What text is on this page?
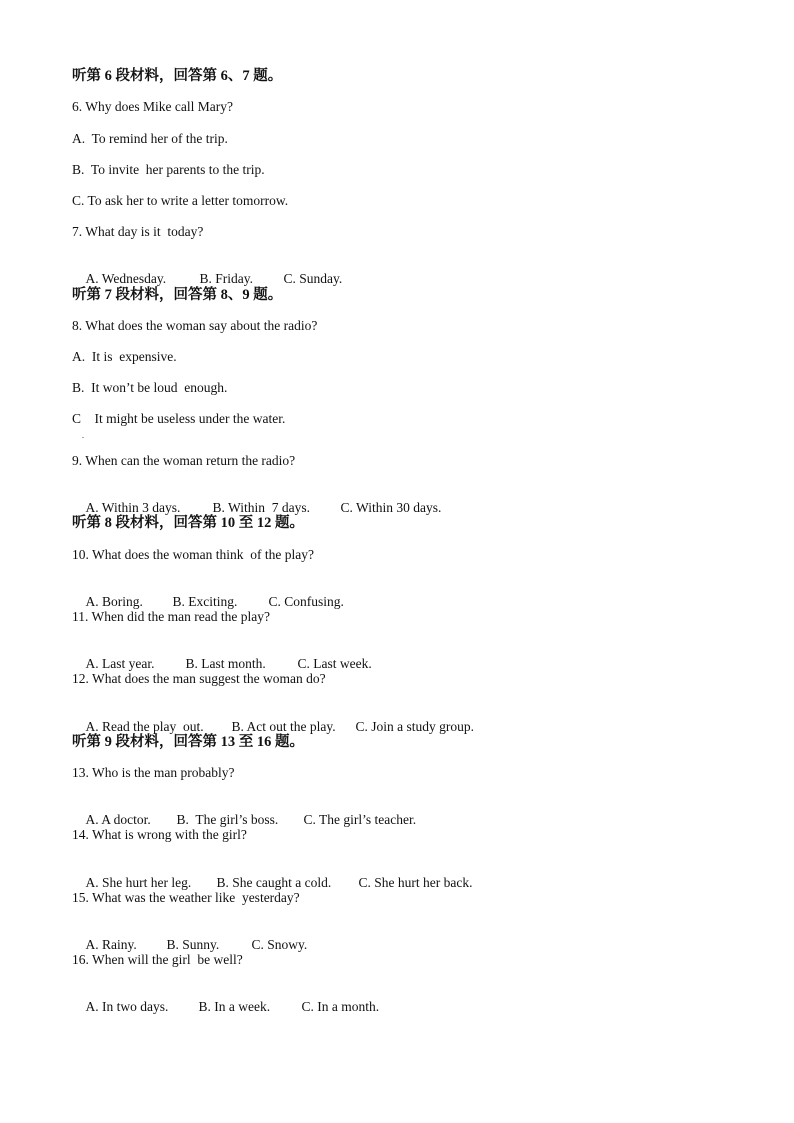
听第 6 段材料，回答第 6、7 题。
6. Why does Mike call Mary?
A.  To remind her of the trip.
B.  To invite  her parents to the trip.
C. To ask her to write a letter tomorrow.
7. What day is it  today?

A. Wednesday. B. Friday. C. Sunday.

听第 7 段材料，回答第 8、9 题。
8. What does the woman say about the radio?
A.  It is  expensive.
B.  It won’t be loud  enough.
C    It might be useless under the water.
.
9. When can the woman return the radio?

A. Within 3 days. B. Within  7 days. C. Within 30 days.

听第 8 段材料，回答第 10 至 12 题。
10. What does the woman think  of the play?

A. Boring. B. Exciting. C. Confusing.

11. When did the man read the play?

A. Last year. B. Last month. C. Last week.

12. What does the man suggest the woman do?

A. Read the play  out. B. Act out the play. C. Join a study group.

听第 9 段材料，回答第 13 至 16 题。
13. Who is the man probably?

A. A doctor. B.  The girl’s boss. C. The girl’s teacher.

14. What is wrong with the girl?

A. She hurt her leg. B. She caught a cold. C. She hurt her back.

15. What was the weather like  yesterday?

A. Rainy. B. Sunny. C. Snowy.

16. When will the girl  be well?

A. In two days. B. In a week. C. In a month.
